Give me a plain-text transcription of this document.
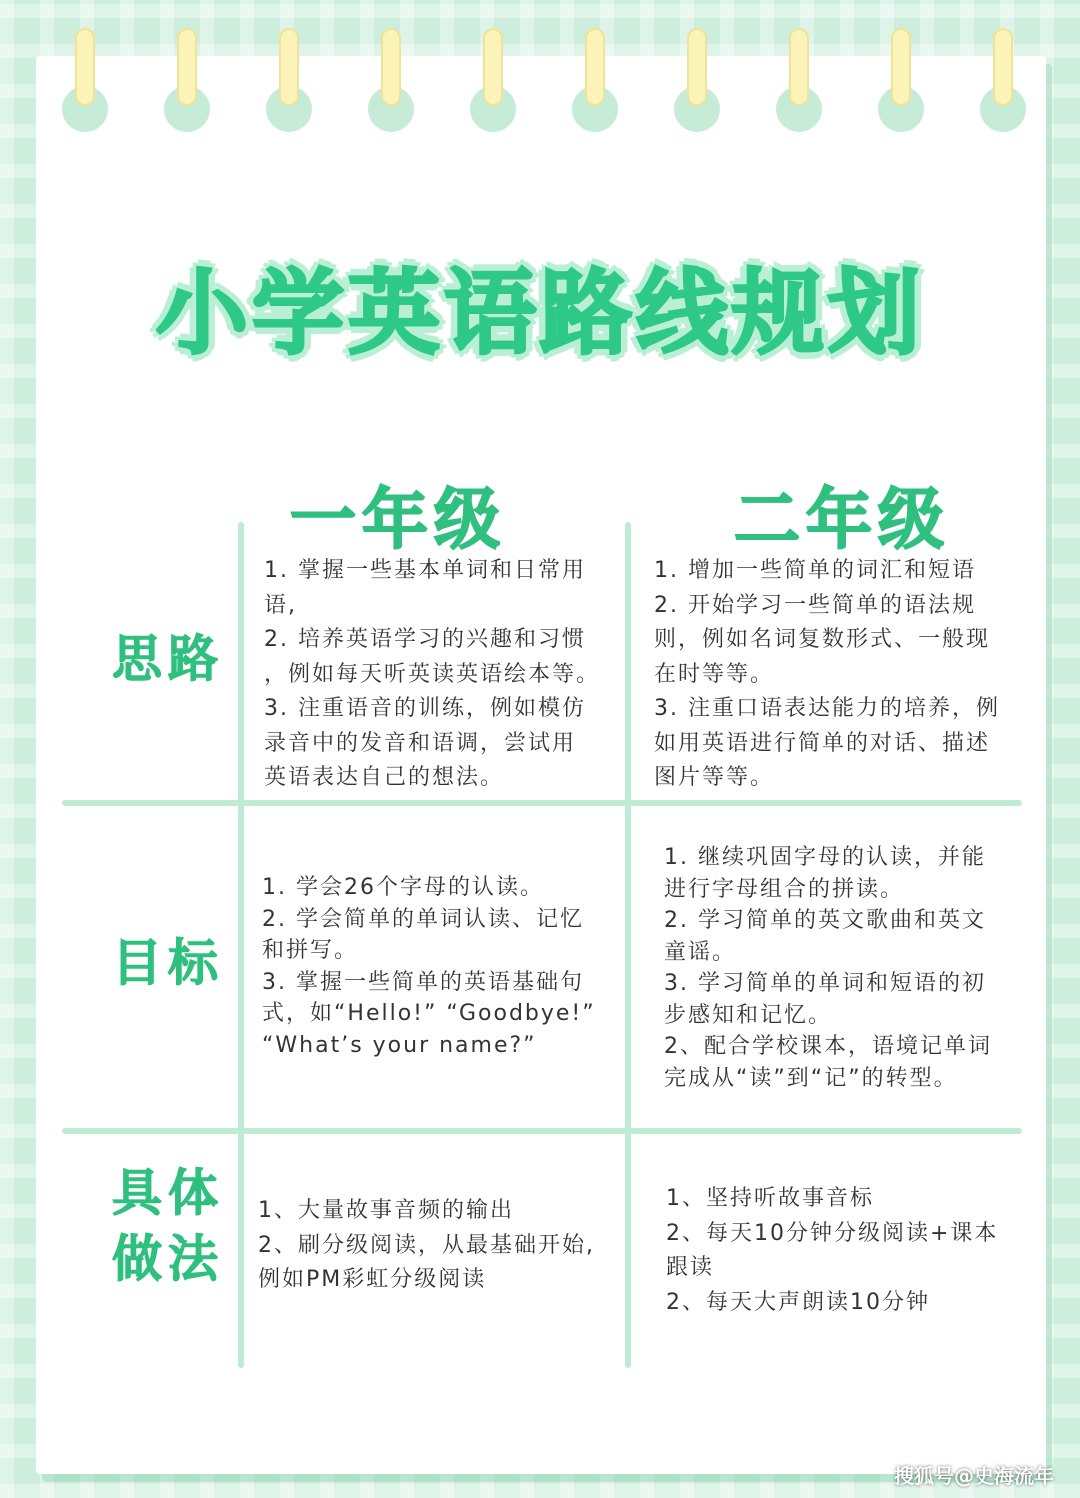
小学英语路线规划
一年级	二年级
思路
目标
具体
做法
1. 掌握一些基本单词和日常用
语,
2. 培养英语学习的兴趣和习惯
，例如每天听英读英语绘本等。
3. 注重语音的训练，例如模仿
录音中的发音和语调，尝试用
英语表达自己的想法。
1. 增加一些简单的词汇和短语
2. 开始学习一些简单的语法规
则，例如名词复数形式、一般现
在时等等。
3. 注重口语表达能力的培养，例
如用英语进行简单的对话、描述
图片等等。
1. 学会26个字母的认读。
2. 学会简单的单词认读、记忆
和拼写。
3. 掌握一些简单的英语基础句
式，如“Hello!” “Goodbye!”
“What’s your name?”
1. 继续巩固字母的认读，并能
进行字母组合的拼读。
2. 学习简单的英文歌曲和英文
童谣。
3. 学习简单的单词和短语的初
步感知和记忆。
2、配合学校课本，语境记单词
完成从“读”到“记”的转型。
1、大量故事音频的输出
2、刷分级阅读，从最基础开始,
例如PM彩虹分级阅读
1、坚持听故事音标
2、每天10分钟分级阅读+课本
跟读
2、每天大声朗读10分钟
搜狐号@史海流年
